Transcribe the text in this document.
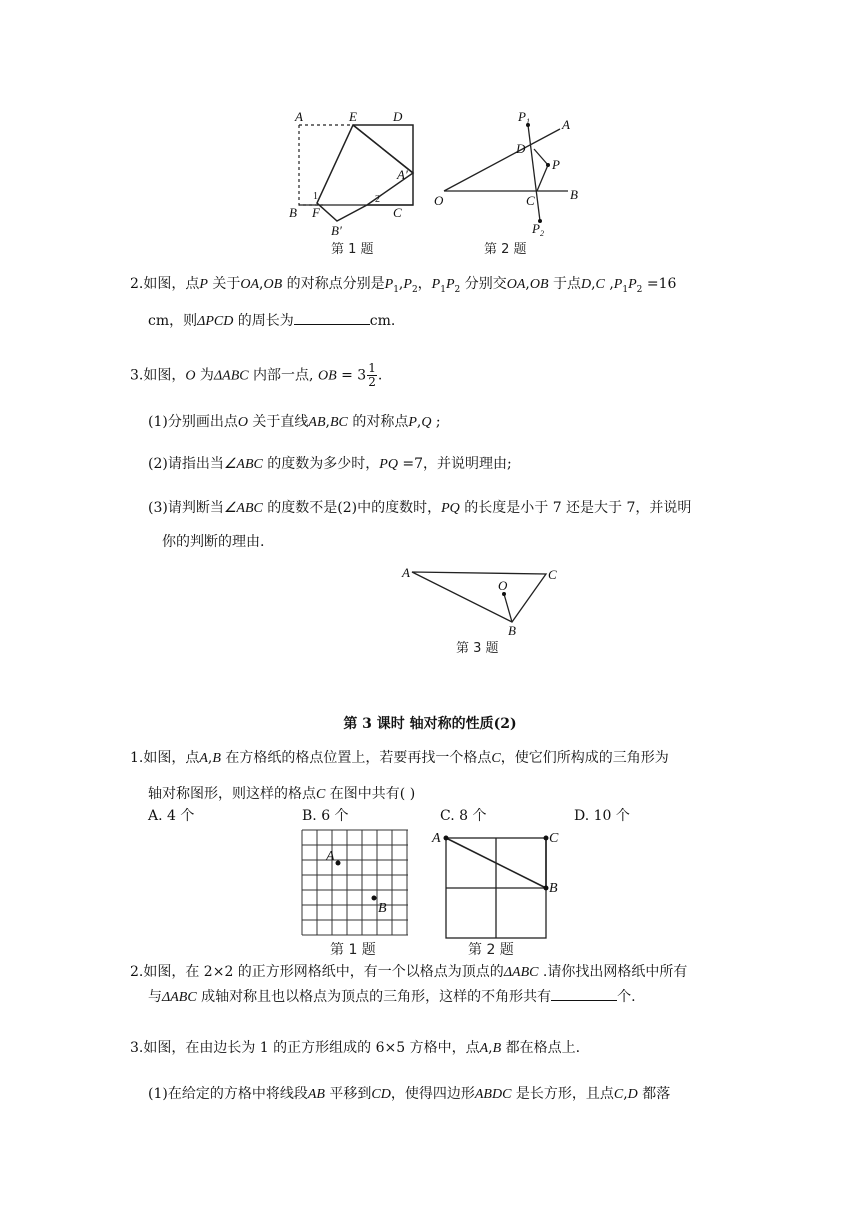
A	E	D
A′
B F	C
B′
1	2
第 1 题
$P_1$ A
D
P
O	C	B
$P_2$
第 2 题
2.如图，点P 关于OA,OB 的对称点分别是$P_1,P_2$，$P_1P_2$ 分别交OA,OB 于点D,C $,P_1P_2 =16$
cm，则ΔPCD 的周长为	cm.
3.如图，O 为ΔABC 内部一点, OB = $3 \frac{1}{2}$ .
(1)分别画出点O 关于直线AB,BC 的对称点P,Q ;
(2)请指出当∠ABC 的度数为多少时，PQ =7，并说明理由;
(3)请判断当∠ABC 的度数不是(2)中的度数时，PQ 的长度是小于 7 还是大于 7，并说明
你的判断的理由.
A	C
O
B
第 3 题
第 3 课时 轴对称的性质(2)
1.如图，点A,B 在方格纸的格点位置上，若要再找一个格点C，使它们所构成的三角形为
轴对称图形，则这样的格点C 在图中共有( )
A. 4 个	B. 6 个	C. 8 个	D. 10 个
A
B
第 1 题
A	C
B
第 2 题
2.如图，在 2×2 的正方形网格纸中，有一个以格点为顶点的ΔABC .请你找出网格纸中所有
与ΔABC 成轴对称且也以格点为顶点的三角形，这样的不角形共有	个.
3.如图，在由边长为 1 的正方形组成的 6×5 方格中，点A,B 都在格点上.
(1)在给定的方格中将线段AB 平移到CD，使得四边形ABDC 是长方形，且点C,D 都落
